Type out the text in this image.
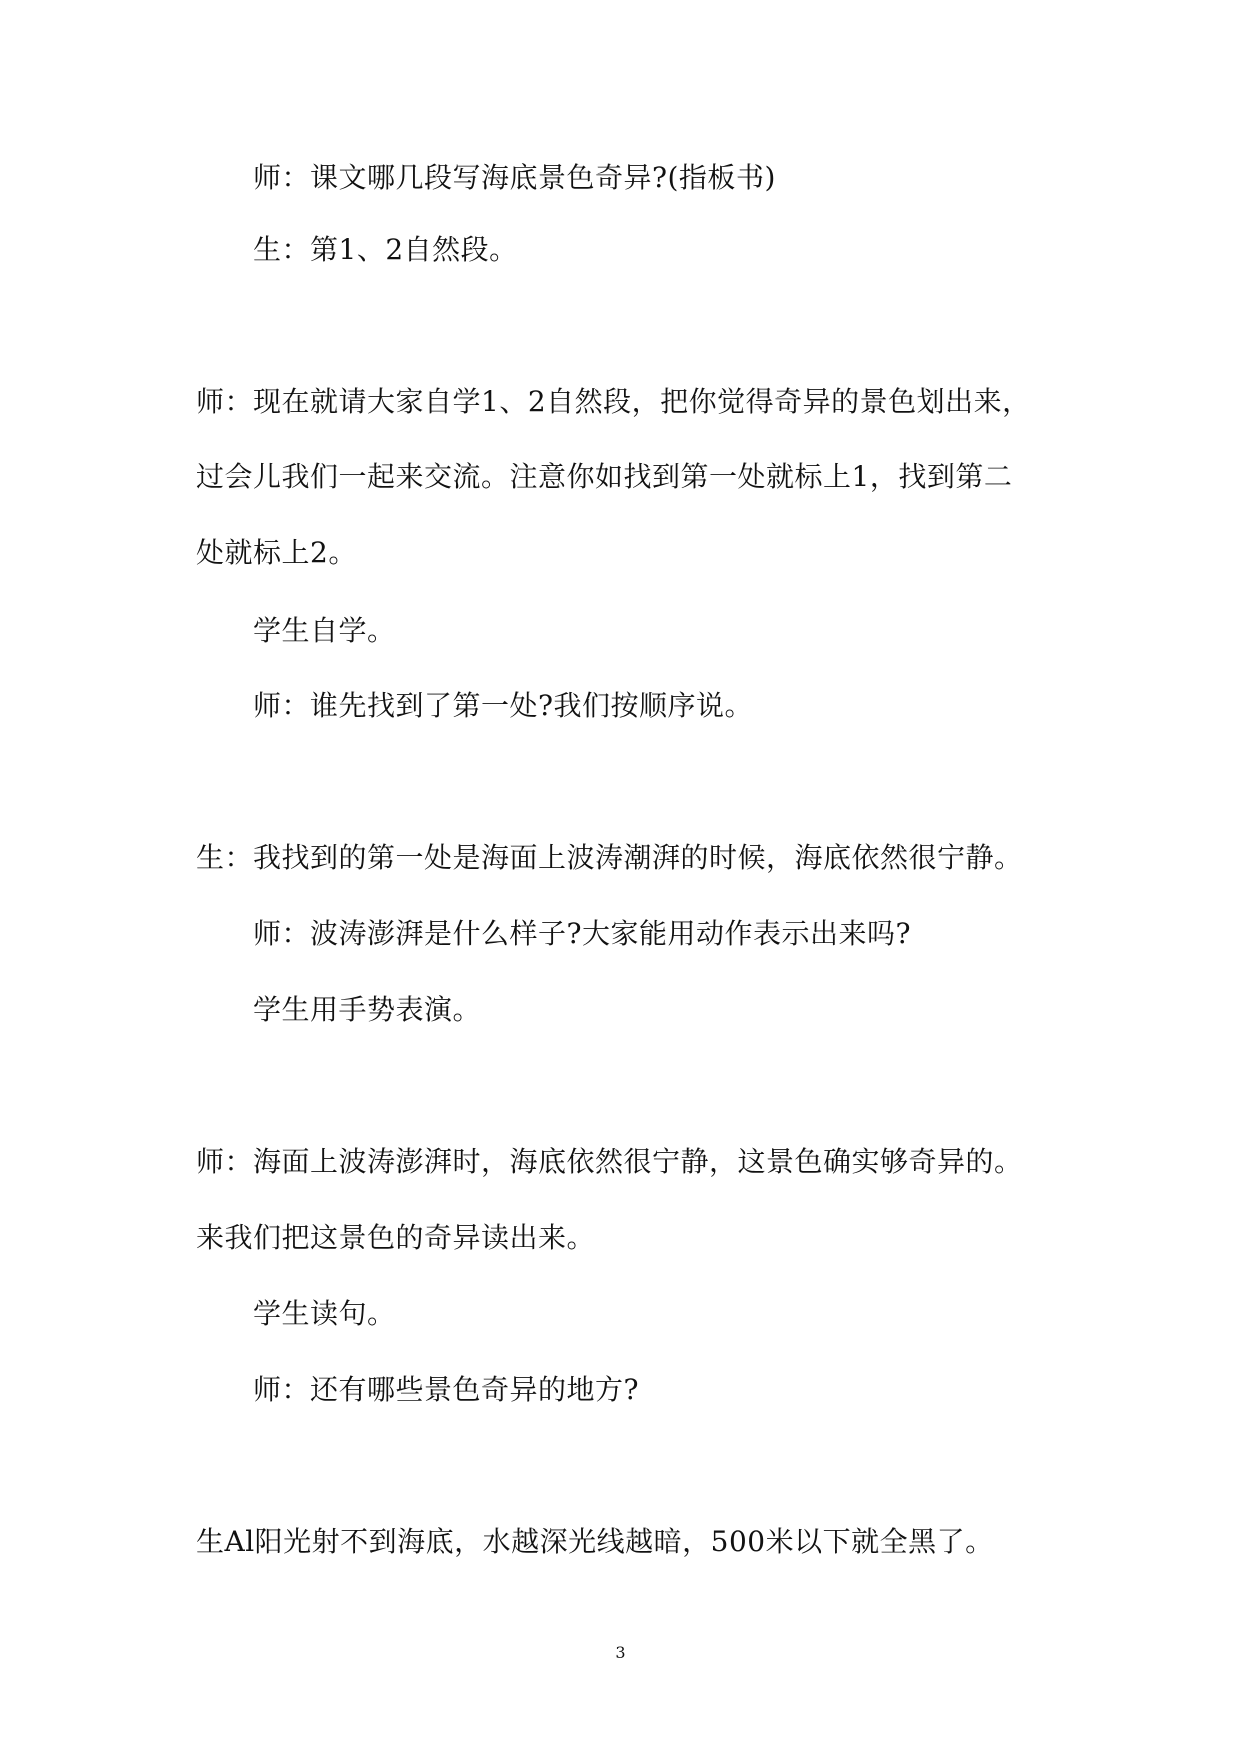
师：课文哪几段写海底景色奇异?(指板书)
生：第1、2自然段。
师：现在就请大家自学1、2自然段，把你觉得奇异的景色划出来，
过会儿我们一起来交流。注意你如找到第一处就标上1，找到第二
处就标上2。
学生自学。
师：谁先找到了第一处?我们按顺序说。
生：我找到的第一处是海面上波涛潮湃的时候，海底依然很宁静。
师：波涛澎湃是什么样子?大家能用动作表示出来吗?
学生用手势表演。
师：海面上波涛澎湃时，海底依然很宁静，这景色确实够奇异的。
来我们把这景色的奇异读出来。
学生读句。
师：还有哪些景色奇异的地方?
生Al阳光射不到海底，水越深光线越暗，500米以下就全黑了。
3
